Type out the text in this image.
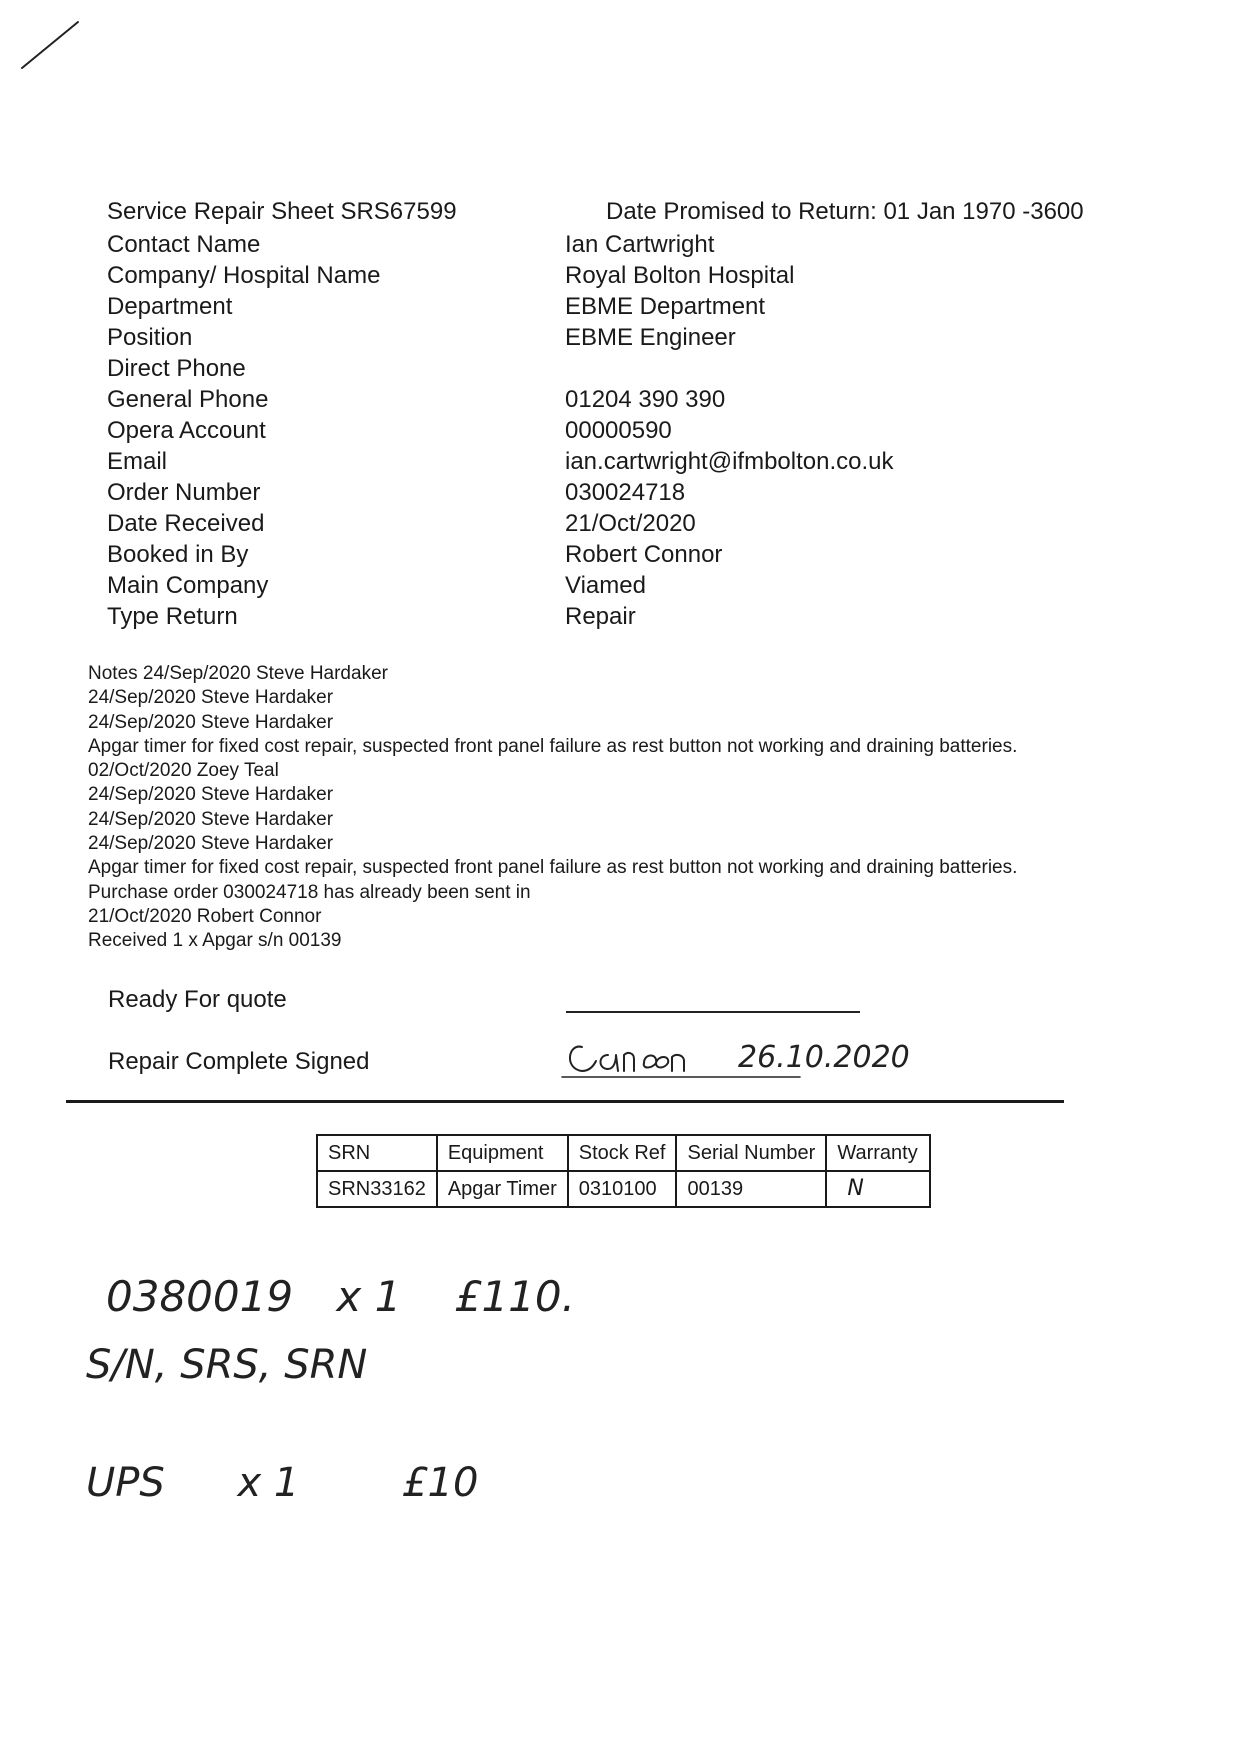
Service Repair Sheet SRS67599	Date Promised to Return: 01 Jan 1970 -3600
Contact Name	Ian Cartwright
Company/ Hospital Name	Royal Bolton Hospital
Department	EBME Department
Position	EBME Engineer
Direct Phone
General Phone	01204 390 390
Opera Account	00000590
Email	ian.cartwright@ifmbolton.co.uk
Order Number	030024718
Date Received	21/Oct/2020
Booked in By	Robert Connor
Main Company	Viamed
Type Return	Repair
Notes 24/Sep/2020 Steve Hardaker
24/Sep/2020 Steve Hardaker
24/Sep/2020 Steve Hardaker
Apgar timer for fixed cost repair, suspected front panel failure as rest button not working and draining batteries.
02/Oct/2020 Zoey Teal
24/Sep/2020 Steve Hardaker
24/Sep/2020 Steve Hardaker
24/Sep/2020 Steve Hardaker
Apgar timer for fixed cost repair, suspected front panel failure as rest button not working and draining batteries.
Purchase order 030024718 has already been sent in
21/Oct/2020 Robert Connor
Received 1 x Apgar s/n 00139
Ready For quote
Repair Complete Signed	26.10.2020
SRN	Equipment	Stock Ref	Serial Number	Warranty
SRN33162	Apgar Timer	0310100	00139	N
0380019 x 1 £110.
S/N, SRS, SRN
UPS x 1	£10
